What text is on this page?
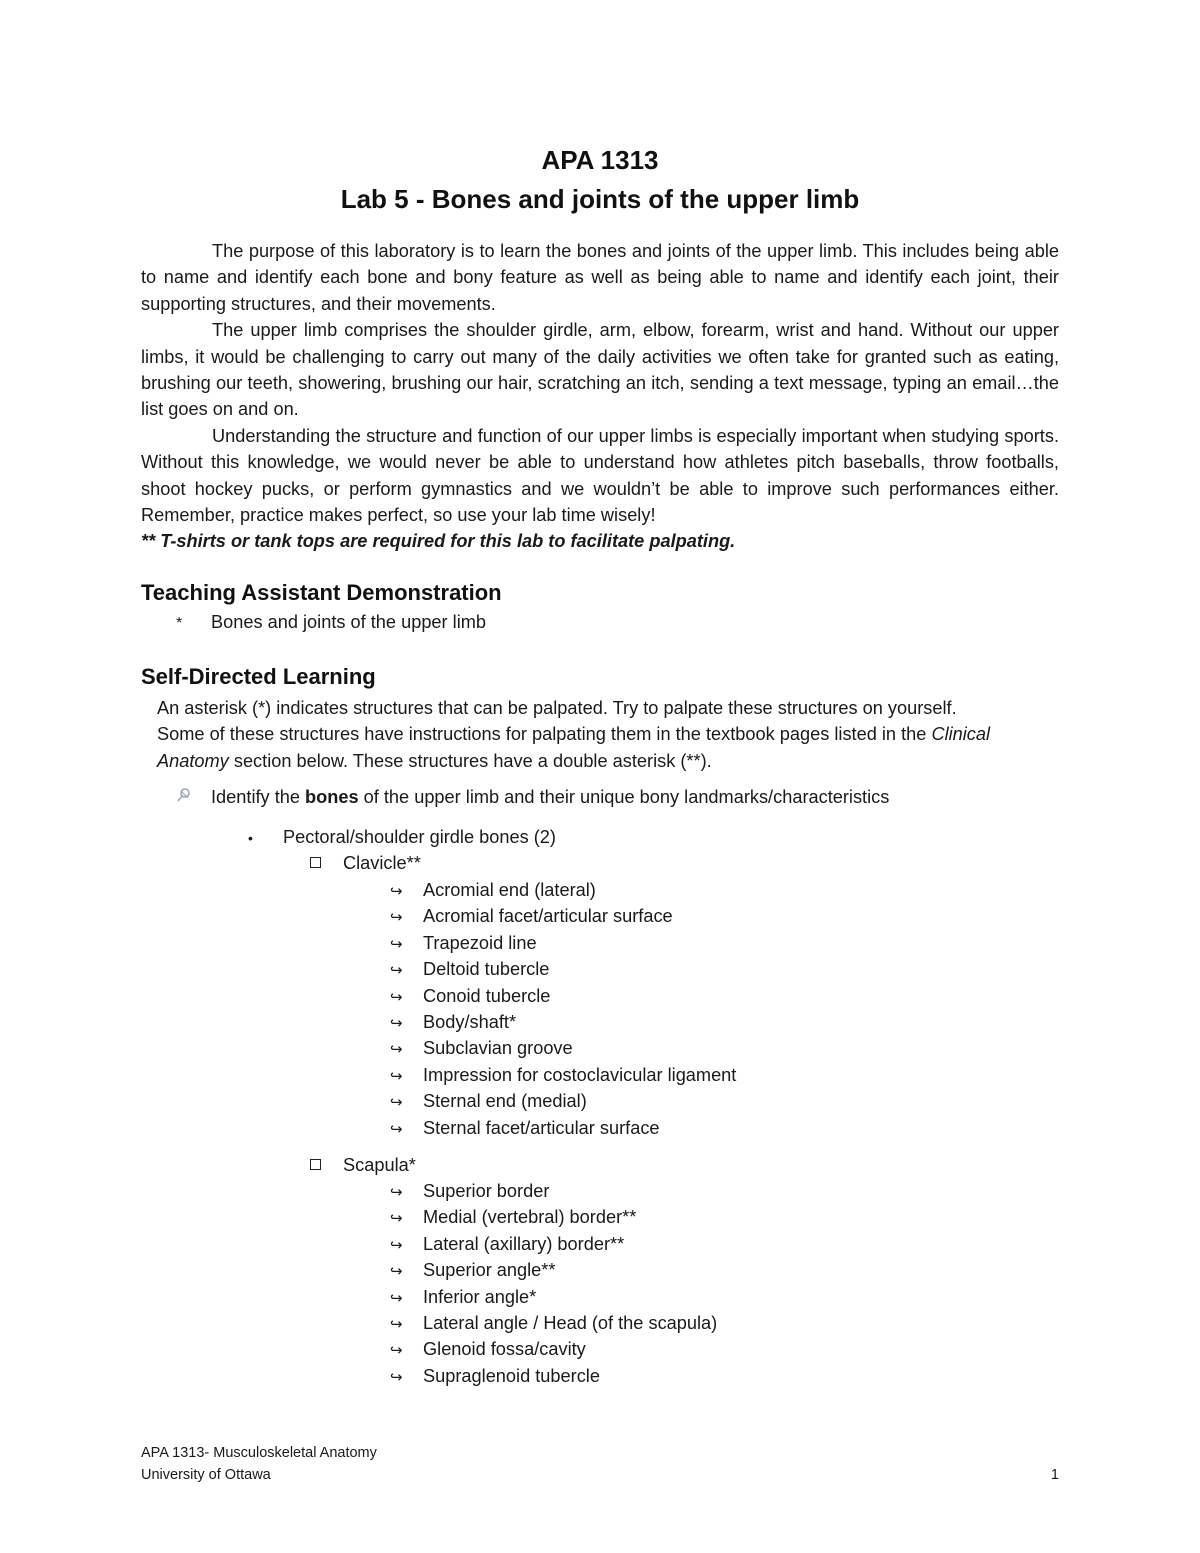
APA 1313
Lab 5 - Bones and joints of the upper limb

The purpose of this laboratory is to learn the bones and joints of the upper limb. This includes being able to name and identify each bone and bony feature as well as being able to name and identify each joint, their supporting structures, and their movements.

The upper limb comprises the shoulder girdle, arm, elbow, forearm, wrist and hand. Without our upper limbs, it would be challenging to carry out many of the daily activities we often take for granted such as eating, brushing our teeth, showering, brushing our hair, scratching an itch, sending a text message, typing an email…the list goes on and on.

Understanding the structure and function of our upper limbs is especially important when studying sports. Without this knowledge, we would never be able to understand how athletes pitch baseballs, throw footballs, shoot hockey pucks, or perform gymnastics and we wouldn’t be able to improve such performances either. Remember, practice makes perfect, so use your lab time wisely!

** T-shirts or tank tops are required for this lab to facilitate palpating.

Teaching Assistant Demonstration
* Bones and joints of the upper limb
Self-Directed Learning
An asterisk (*) indicates structures that can be palpated. Try to palpate these structures on yourself.
Some of these structures have instructions for palpating them in the textbook pages listed in the Clinical
Anatomy section below. These structures have a double asterisk (**).
Identify the bones of the upper limb and their unique bony landmarks/characteristics
• Pectoral/shoulder girdle bones (2)
Clavicle**
↪ Acromial end (lateral)
↪ Acromial facet/articular surface
↪ Trapezoid line
↪ Deltoid tubercle
↪ Conoid tubercle
↪ Body/shaft*
↪ Subclavian groove
↪ Impression for costoclavicular ligament
↪ Sternal end (medial)
↪ Sternal facet/articular surface
Scapula*
↪ Superior border
↪ Medial (vertebral) border**
↪ Lateral (axillary) border**
↪ Superior angle**
↪ Inferior angle*
↪ Lateral angle / Head (of the scapula)
↪ Glenoid fossa/cavity
↪ Supraglenoid tubercle
APA 1313- Musculoskeletal Anatomy
University of Ottawa	1
